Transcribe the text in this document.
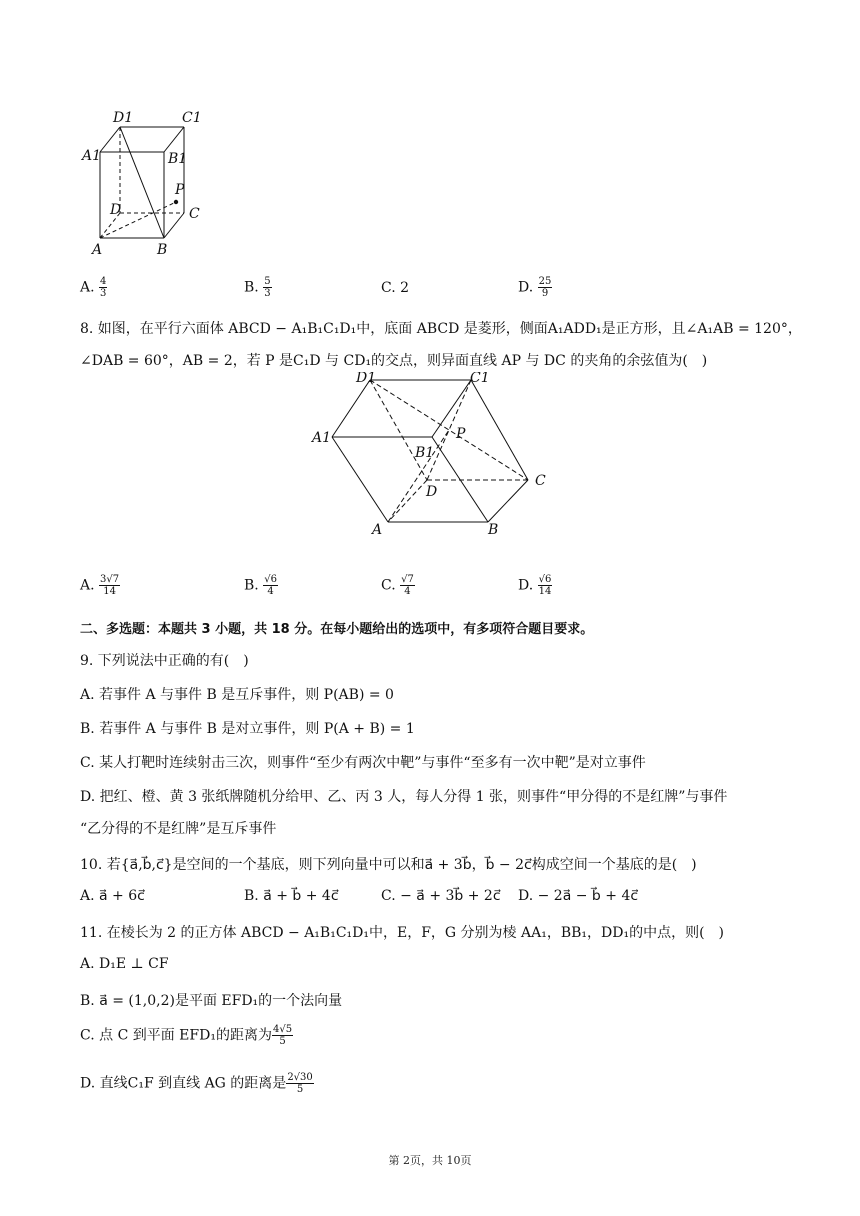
D1	C1
A1	B1
P
D	C
A	B
A. $\frac{4}{3}$	B. $\frac{5}{3}$	C. 2	D. $\frac{25}{9}$
8. 如图，在平行六面体 ABCD − A₁B₁C₁D₁中，底面 ABCD 是菱形，侧面A₁ADD₁是正方形，且∠A₁AB = 120°，
∠DAB = 60°，AB = 2，若 P 是C₁D 与 CD₁的交点，则异面直线 AP 与 DC 的夹角的余弦值为(　)
D1	C1
A1	P
B1
D
C
A	B
A. $\frac{3√7}{14}$	B. $\frac{√6}{4}$	C. $\frac{√7}{4}$	D. $\frac{√6}{14}$
二、多选题：本题共 3 小题，共 18 分。在每小题给出的选项中，有多项符合题目要求。
9. 下列说法中正确的有(　)
A. 若事件 A 与事件 B 是互斥事件，则 P(AB) = 0
B. 若事件 A 与事件 B 是对立事件，则 P(A + B) = 1
C. 某人打靶时连续射击三次，则事件“至少有两次中靶”与事件“至多有一次中靶”是对立事件
D. 把红、橙、黄 3 张纸牌随机分给甲、乙、丙 3 人，每人分得 1 张，则事件“甲分得的不是红牌”与事件
“乙分得的不是红牌”是互斥事件
10. 若{a⃗,b⃗,c⃗}是空间的一个基底，则下列向量中可以和a⃗ + 3b⃗，b⃗ − 2c⃗构成空间一个基底的是(　)
A. a⃗ + 6c⃗	B. a⃗ + b⃗ + 4c⃗	C. − a⃗ + 3b⃗ + 2c⃗ D. − 2a⃗ − b⃗ + 4c⃗
11. 在棱长为 2 的正方体 ABCD − A₁B₁C₁D₁中，E，F，G 分别为棱 AA₁，BB₁，DD₁的中点，则(　)
A. D₁E ⊥ CF
B. a⃗ = (1,0,2)是平面 EFD₁的一个法向量
C. 点 C 到平面 EFD₁的距离为 $\frac{4√5}{5}$
D. 直线C₁F 到直线 AG 的距离是 $\frac{2√30}{5}$
第 2页，共 10页
